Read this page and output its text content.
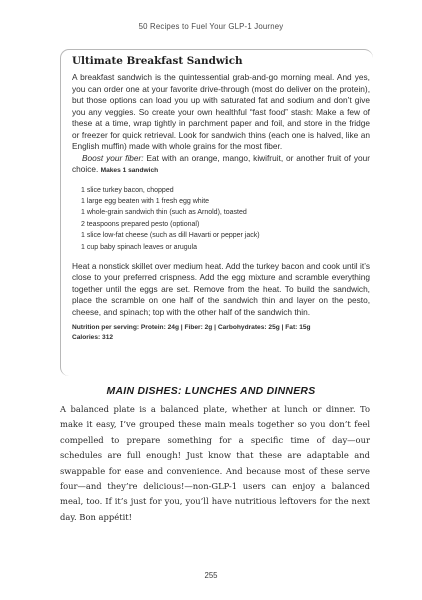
50 Recipes to Fuel Your GLP-1 Journey
Ultimate Breakfast Sandwich

A breakfast sandwich is the quintessential grab-and-go morning meal. And yes, you can order one at your favorite drive-through (most do deliver on the protein), but those options can load you up with saturated fat and sodium and don’t give you any veggies. So create your own healthful “fast food” stash: Make a few of these at a time, wrap tightly in parchment paper and foil, and store in the fridge or freezer for quick retrieval. Look for sandwich thins (each one is halved, like an English muffin) made with whole grains for the most fiber.

Boost your fiber: Eat with an orange, mango, kiwifruit, or another fruit of your choice. Makes 1 sandwich

1 slice turkey bacon, chopped
1 large egg beaten with 1 fresh egg white
1 whole-grain sandwich thin (such as Arnold), toasted
2 teaspoons prepared pesto (optional)
1 slice low-fat cheese (such as dill Havarti or pepper jack)
1 cup baby spinach leaves or arugula

Heat a nonstick skillet over medium heat. Add the turkey bacon and cook until it’s close to your preferred crispness. Add the egg mixture and scramble everything together until the eggs are set. Remove from the heat. To build the sandwich, place the scramble on one half of the sandwich thin and layer on the pesto, cheese, and spinach; top with the other half of the sandwich thin.

Nutrition per serving: Protein: 24g | Fiber: 2g | Carbohydrates: 25g | Fat: 15g
Calories: 312
MAIN DISHES: LUNCHES AND DINNERS

A balanced plate is a balanced plate, whether at lunch or dinner. To make it easy, I’ve grouped these main meals together so you don’t feel compelled to prepare something for a specific time of day—our schedules are full enough! Just know that these are adaptable and swappable for ease and convenience. And because most of these serve four—and they’re delicious!—non-GLP-1 users can enjoy a balanced meal, too. If it’s just for you, you’ll have nutritious leftovers for the next day. Bon appétit!

255
